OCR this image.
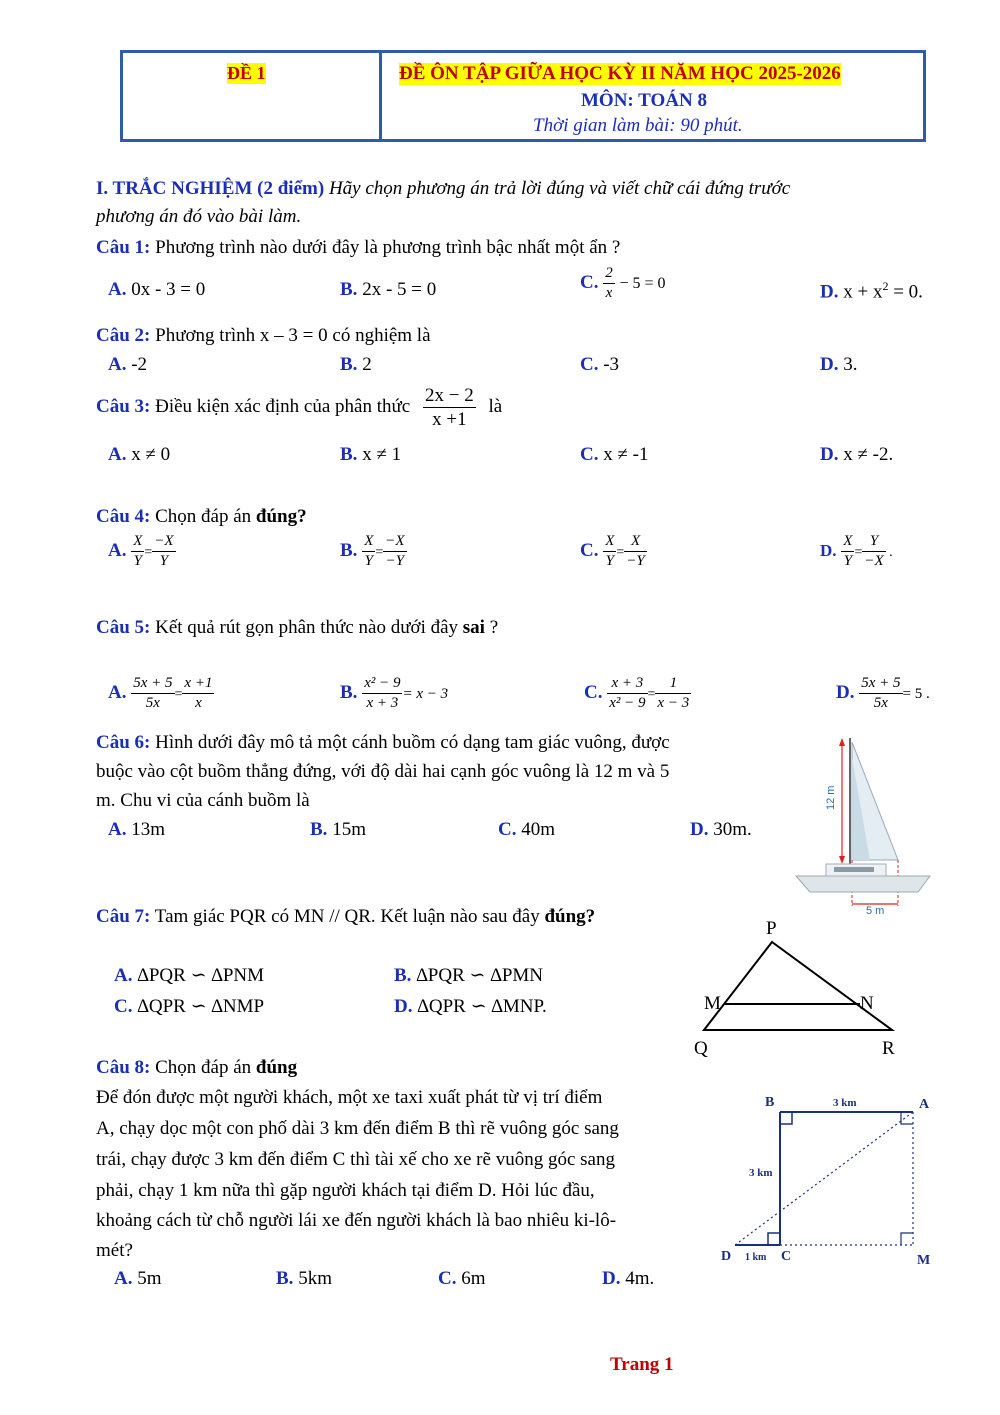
ĐỀ 1	ĐỀ ÔN TẬP GIỮA HỌC KỲ II NĂM HỌC 2025-2026
MÔN: TOÁN 8
Thời gian làm bài: 90 phút.
I. TRẮC NGHIỆM (2 điểm) Hãy chọn phương án trả lời đúng và viết chữ cái đứng trước
phương án đó vào bài làm.
Câu 1: Phương trình nào dưới đây là phương trình bậc nhất một ẩn ?
A. 0x - 3 = 0	B. 2x - 5 = 0	C. $\frac{2}{x} - 5 = 0$	D. $x + x^2 = 0$.
Câu 2: Phương trình x – 3 = 0 có nghiệm là
A. -2	B. 2	C. -3	D. 3.
Câu 3: Điều kiện xác định của phân thức $\frac{2x - 2}{x +1}$ là
A. x ≠ 0	B. x ≠ 1	C. x ≠ -1	D. x ≠ -2.
Câu 4: Chọn đáp án đúng?
A. $\frac{X}{Y} = \frac{-X}{Y}$	B. $\frac{X}{Y} = \frac{-X}{-Y}$	C. $\frac{X}{Y} = \frac{X}{-Y}$	D. $\frac{X}{Y} = \frac{Y}{-X}$ .
Câu 5: Kết quả rút gọn phân thức nào dưới đây sai ?
A. $\frac{5x + 5}{5x} = \frac{x +1}{x}$	B. $\frac{\text{x² − 9}}{x + 3} = x - 3$	C. $\frac{x + 3}{\text{x² − 9}} = \frac{1}{x - 3}$	D. $\frac{5x + 5}{5x} = 5$ .
Câu 6: Hình dưới đây mô tả một cánh buồm có dạng tam giác vuông, được
buộc vào cột buồm thẳng đứng, với độ dài hai cạnh góc vuông là 12 m và 5
m. Chu vi của cánh buồm là
A. 13m	B. 15m	C. 40m	D. 30m.
12 m
5 m
Câu 7: Tam giác PQR có MN // QR. Kết luận nào sau đây đúng?
A. ∆PQR ∽ ∆PNM	B. ∆PQR ∽ ∆PMN
C. ∆QPR ∽ ∆NMP	D. ∆QPR ∽ ∆MNP.
P
M	N
Q	R
Câu 8: Chọn đáp án đúng
Để đón được một người khách, một xe taxi xuất phát từ vị trí điểm
A, chạy dọc một con phố dài 3 km đến điểm B thì rẽ vuông góc sang
trái, chạy được 3 km đến điểm C thì tài xế cho xe rẽ vuông góc sang
phải, chạy 1 km nữa thì gặp người khách tại điểm D. Hỏi lúc đầu,
khoảng cách từ chỗ người lái xe đến người khách là bao nhiêu ki-lô-
mét?
A. 5m	B. 5km	C. 6m	D. 4m.
B	A
D	C	M
3 km
3 km
1 km
Trang 1
